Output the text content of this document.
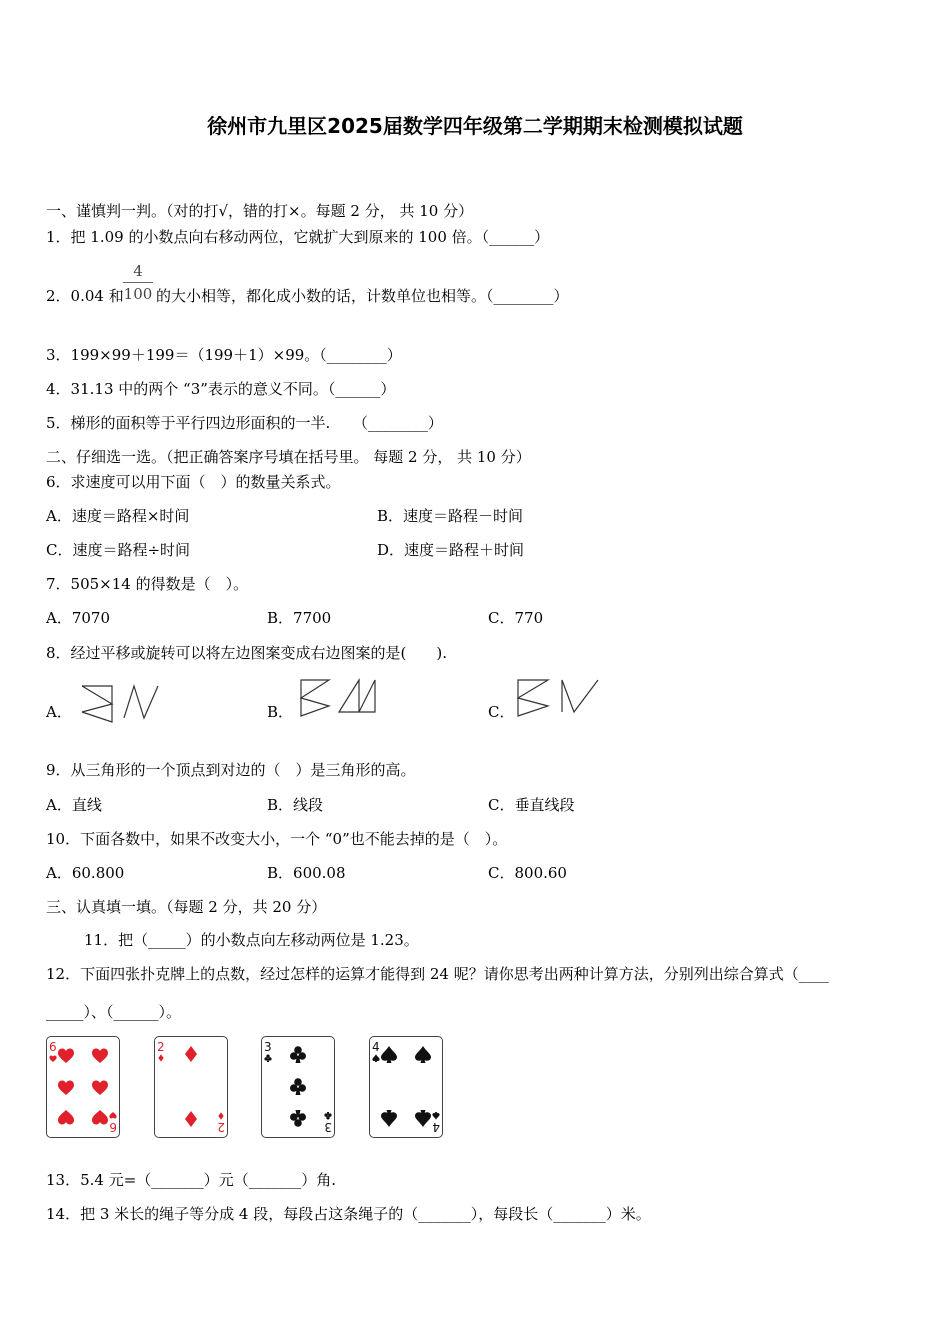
徐州市九里区2025届数学四年级第二学期期末检测模拟试题
一、谨慎判一判。（对的打√，错的打×。每题 2 分， 共 10 分）
1．把 1.09 的小数点向右移动两位，它就扩大到原来的 100 倍。（______）
2．0.04 和
4
100 的大小相等，都化成小数的话，计数单位也相等。（________）
3．199×99＋199＝（199＋1）×99。（________）
4．31.13 中的两个 “3”表示的意义不同。（______）
5．梯形的面积等于平行四边形面积的一半.　　（________）
二、仔细选一选。（把正确答案序号填在括号里。 每题 2 分， 共 10 分）
6．求速度可以用下面（　）的数量关系式。
A．速度＝路程×时间	B．速度＝路程－时间
C．速度＝路程÷时间	D．速度＝路程＋时间
7．505×14 的得数是（　）。
A．7070	B．7700	C．770
8．经过平移或旋转可以将左边图案变成右边图案的是(　　).
A．	B．	C．
9．从三角形的一个顶点到对边的（　）是三角形的高。
A．直线	B．线段	C．垂直线段
10．下面各数中，如果不改变大小，一个 “0”也不能去掉的是（　）。
A．60.800	B．600.08	C．800.60
三、认真填一填。（每题 2 分，共 20 分）
11．把（_____）的小数点向左移动两位是 1.23。
12．下面四张扑克牌上的点数，经过怎样的运算才能得到 24 呢？请你思考出两种计算方法，分别列出综合算式（____
_____）、（______）。
6
6
2
2
3
3
4
4
13．5.4 元=（_______）元（_______）角.
14．把 3 米长的绳子等分成 4 段，每段占这条绳子的（_______），每段长（_______）米。
